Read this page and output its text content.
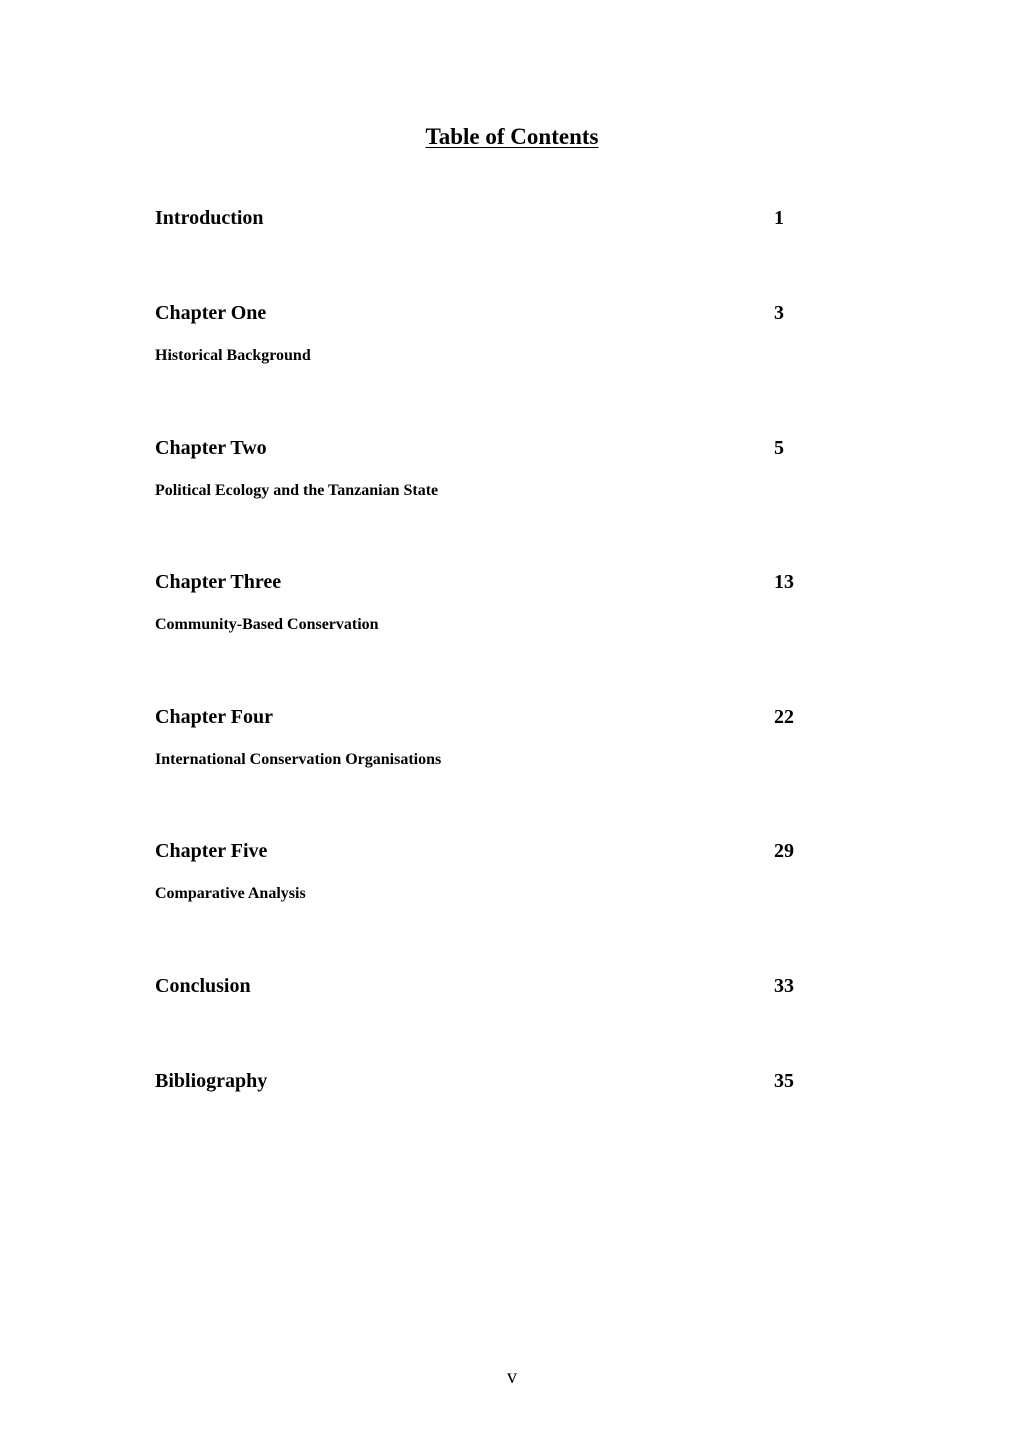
Table of Contents
Introduction	1
Chapter One	3
Historical Background
Chapter Two	5
Political Ecology and the Tanzanian State
Chapter Three	13
Community-Based Conservation
Chapter Four	22
International Conservation Organisations
Chapter Five	29
Comparative Analysis
Conclusion	33
Bibliography	35
v
